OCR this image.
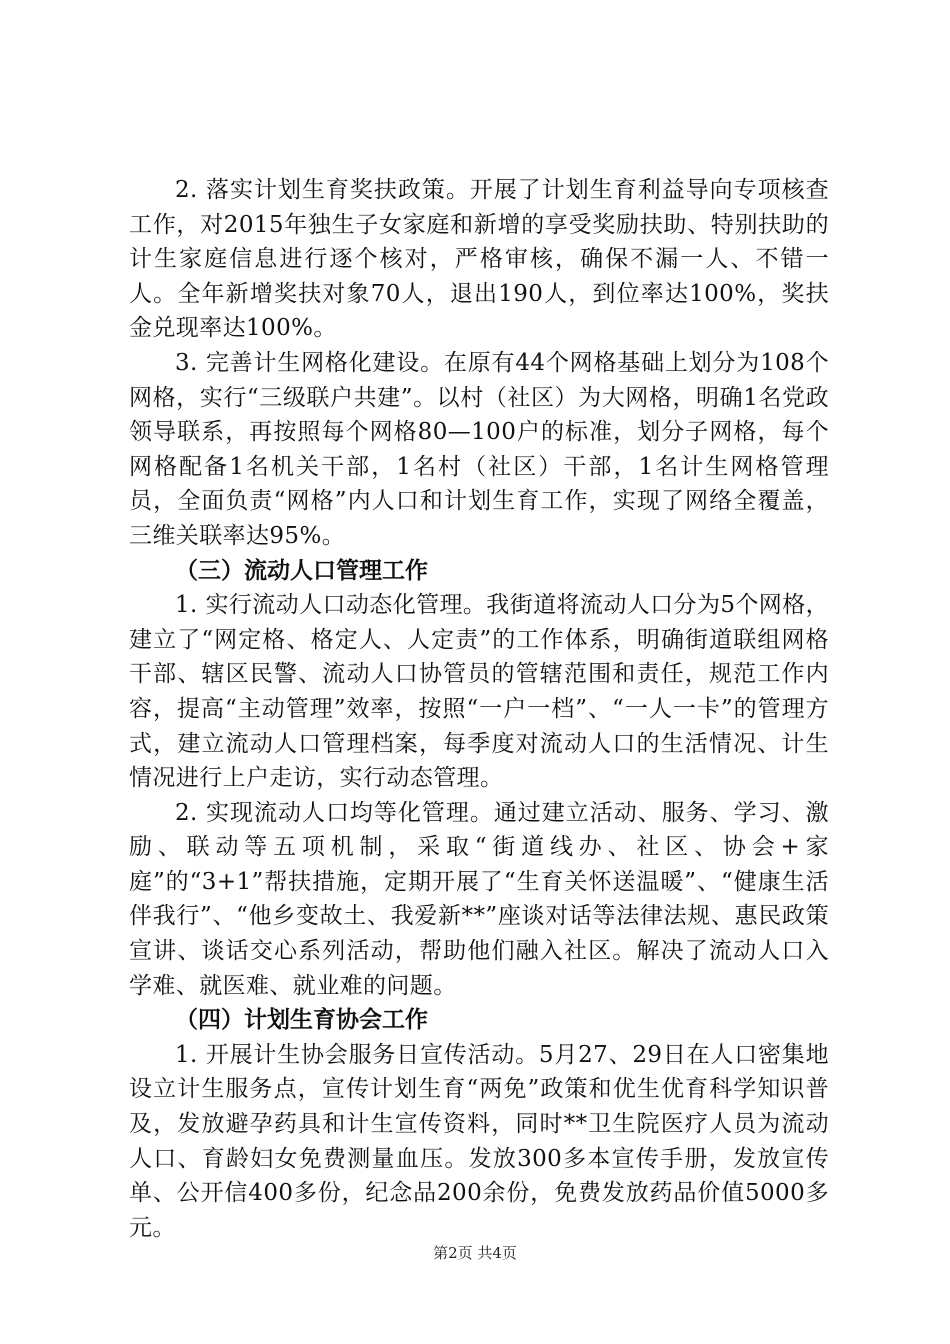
2. 落实计划生育奖扶政策。开展了计划生育利益导向专项核查工作，对2015年独生子女家庭和新增的享受奖励扶助、特别扶助的计生家庭信息进行逐个核对，严格审核，确保不漏一人、不错一人。全年新增奖扶对象70人，退出190人，到位率达100%，奖扶金兑现率达100%。

3. 完善计生网格化建设。在原有44个网格基础上划分为108个网格，实行“三级联户共建”。以村（社区）为大网格，明确1名党政领导联系，再按照每个网格80—100户的标准，划分子网格，每个网格配备1名机关干部，1名村（社区）干部，1名计生网格管理员，全面负责“网格”内人口和计划生育工作，实现了网络全覆盖，三维关联率达95%。

（三）流动人口管理工作

1. 实行流动人口动态化管理。我街道将流动人口分为5个网格，建立了“网定格、格定人、人定责”的工作体系，明确街道联组网格干部、辖区民警、流动人口协管员的管辖范围和责任，规范工作内容，提高“主动管理”效率，按照“一户一档”、“一人一卡”的管理方式，建立流动人口管理档案，每季度对流动人口的生活情况、计生情况进行上户走访，实行动态管理。

2. 实现流动人口均等化管理。通过建立活动、服务、学习、激励、联动等五项机制，采取“街道线办、社区、协会+家庭”的“3+1”帮扶措施，定期开展了“生育关怀送温暖”、“健康生活伴我行”、“他乡变故土、我爱新**”座谈对话等法律法规、惠民政策宣讲、谈话交心系列活动，帮助他们融入社区。解决了流动人口入学难、就医难、就业难的问题。

（四）计划生育协会工作

1. 开展计生协会服务日宣传活动。5月27、29日在人口密集地设立计生服务点，宣传计划生育“两免”政策和优生优育科学知识普及，发放避孕药具和计生宣传资料，同时**卫生院医疗人员为流动人口、育龄妇女免费测量血压。发放300多本宣传手册，发放宣传单、公开信400多份，纪念品200余份，免费发放药品价值5000多元。

第2页 共4页
